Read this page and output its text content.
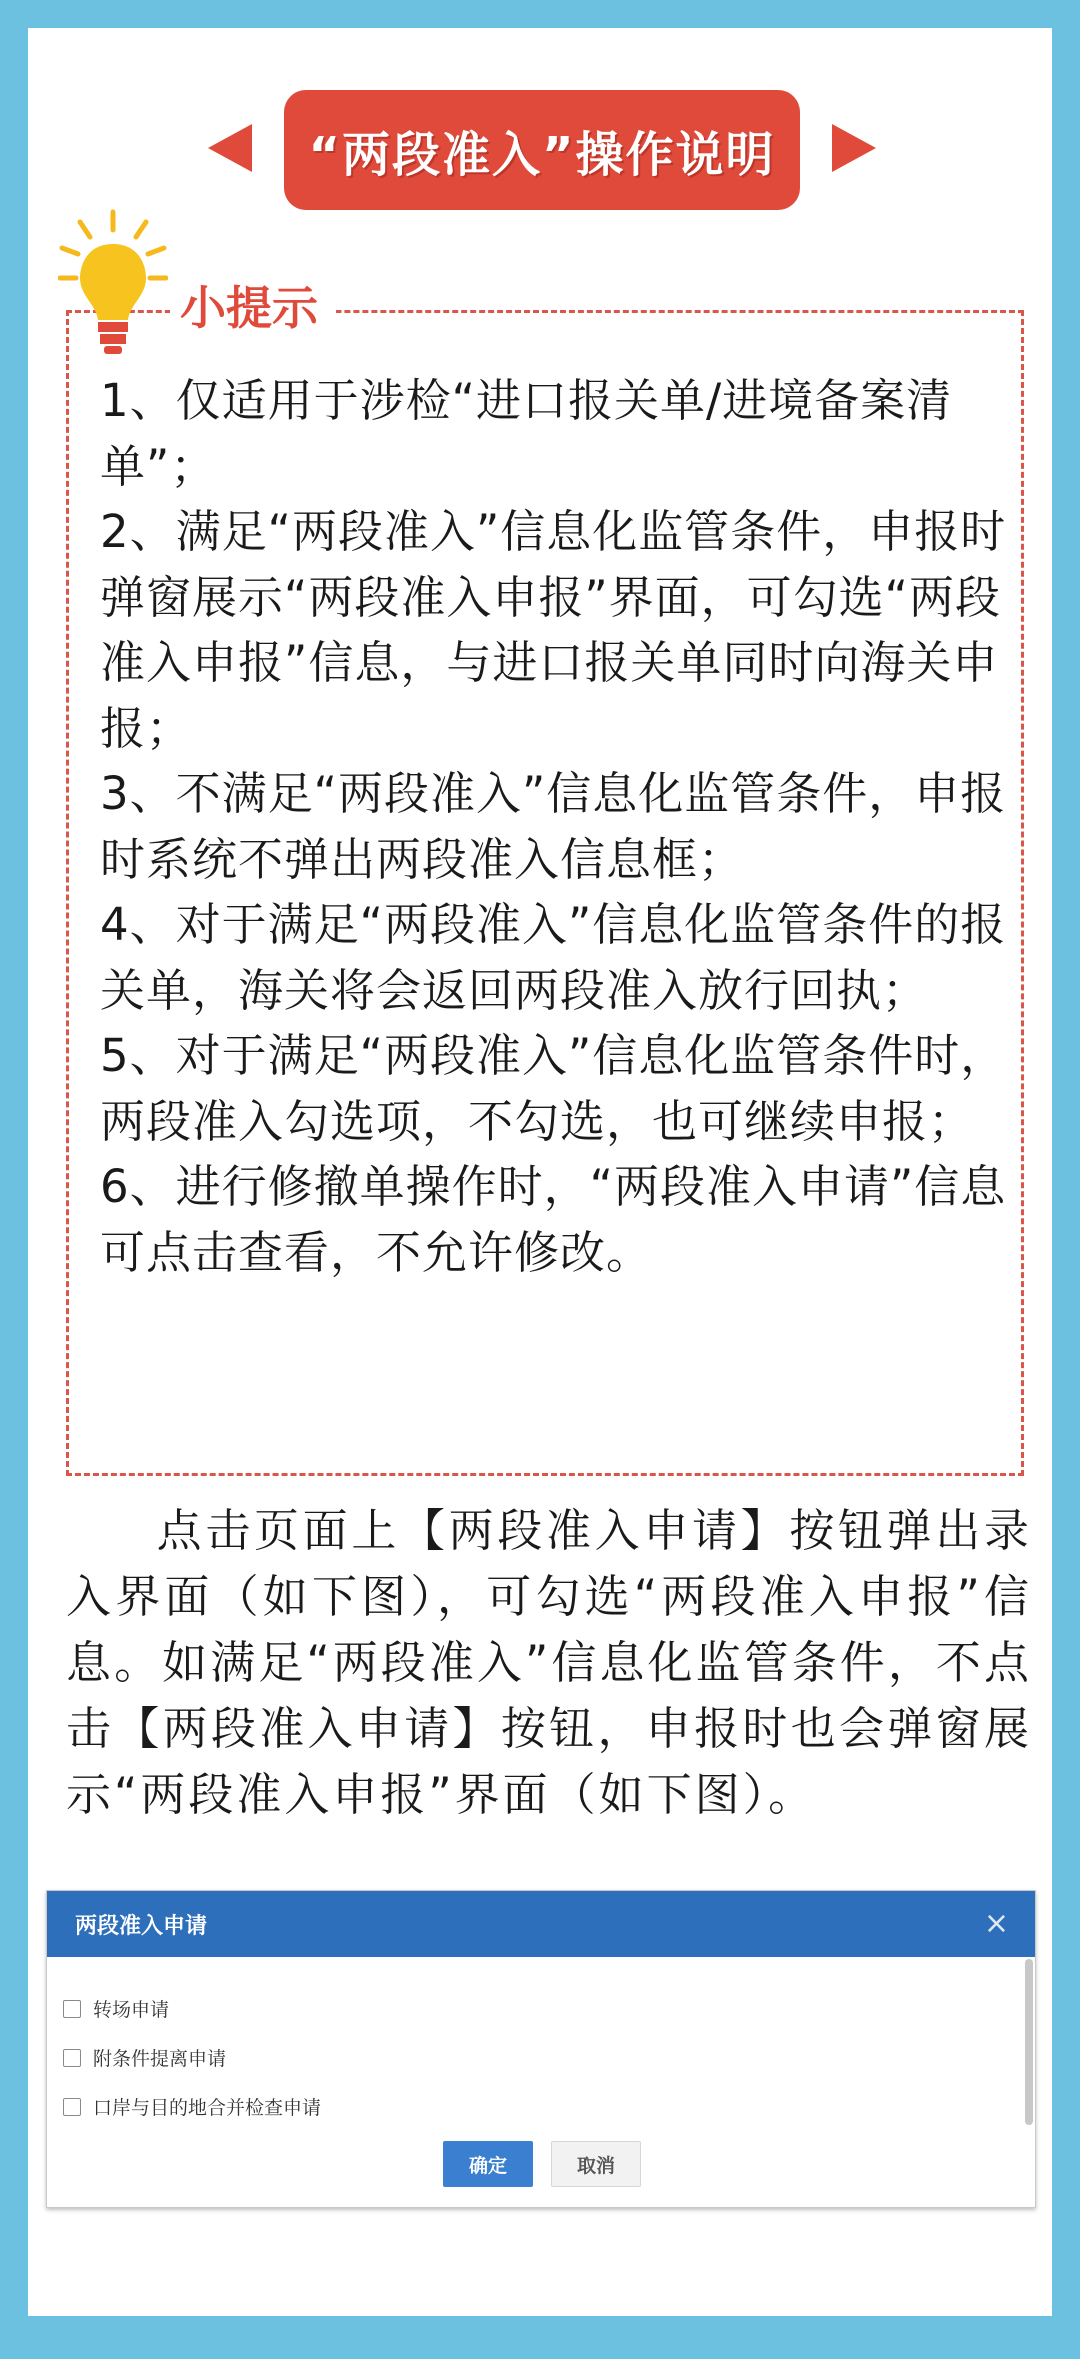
“两段准入”操作说明
小提示

1、仅适用于涉检“进口报关单/进境备案清单”；

2、满足“两段准入”信息化监管条件，申报时弹窗展示“两段准入申报”界面，可勾选“两段准入申报”信息，与进口报关单同时向海关申报；

3、不满足“两段准入”信息化监管条件，申报时系统不弹出两段准入信息框；

4、对于满足“两段准入”信息化监管条件的报关单，海关将会返回两段准入放行回执；

5、对于满足“两段准入”信息化监管条件时，两段准入勾选项，不勾选，也可继续申报；

6、进行修撤单操作时，“两段准入申请”信息可点击查看，不允许修改。

点击页面上【两段准入申请】按钮弹出录入界面（如下图），可勾选“两段准入申报”信息。如满足“两段准入”信息化监管条件，不点击【两段准入申请】按钮，申报时也会弹窗展示“两段准入申报”界面（如下图）。
两段准入申请	×
转场申请
附条件提离申请
口岸与目的地合并检查申请
确定	取消
